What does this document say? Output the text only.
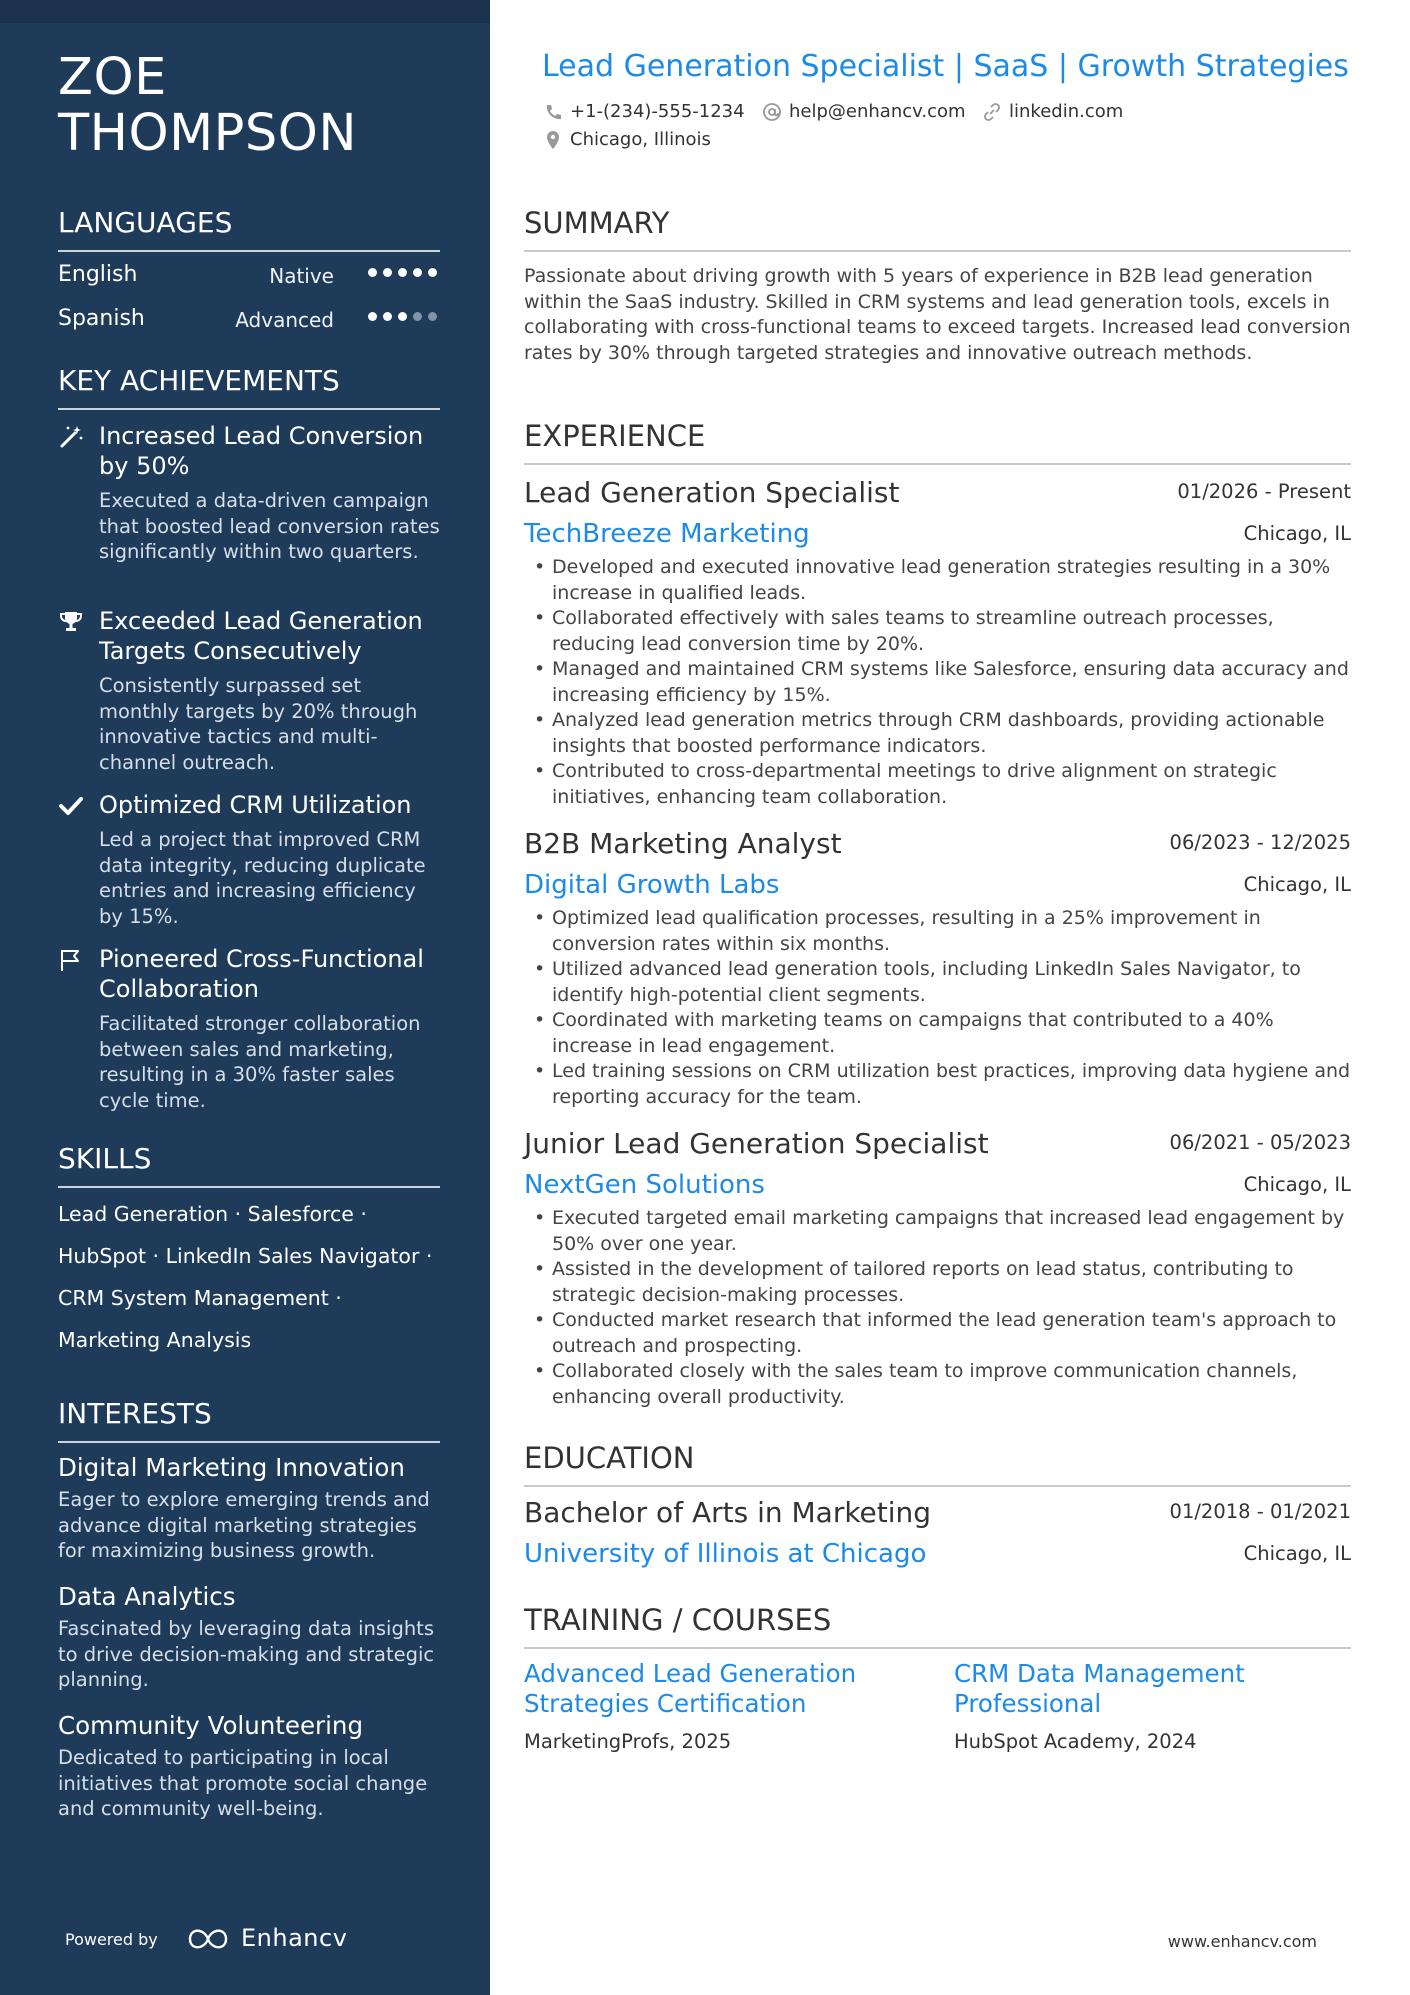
ZOE
THOMPSON
LANGUAGES
English	Native
Spanish	Advanced
KEY ACHIEVEMENTS
Increased Lead Conversion by 50%
Executed a data-driven campaign that boosted lead conversion rates significantly within two quarters.
Exceeded Lead Generation Targets Consecutively
Consistently surpassed set monthly targets by 20% through innovative tactics and multi-channel outreach.
Optimized CRM Utilization
Led a project that improved CRM data integrity, reducing duplicate entries and increasing efficiency by 15%.
Pioneered Cross-Functional Collaboration
Facilitated stronger collaboration between sales and marketing, resulting in a 30% faster sales cycle time.
SKILLS
Lead Generation · Salesforce ·
HubSpot · LinkedIn Sales Navigator ·
CRM System Management ·
Marketing Analysis
INTERESTS
Digital Marketing Innovation
Eager to explore emerging trends and advance digital marketing strategies for maximizing business growth.
Data Analytics
Fascinated by leveraging data insights to drive decision-making and strategic planning.
Community Volunteering
Dedicated to participating in local initiatives that promote social change and community well-being.
Powered by	Enhancv
Lead Generation Specialist | SaaS | Growth Strategies
+1-(234)-555-1234 help@enhancv.com linkedin.com
Chicago, Illinois
SUMMARY
Passionate about driving growth with 5 years of experience in B2B lead generation within the SaaS industry. Skilled in CRM systems and lead generation tools, excels in collaborating with cross-functional teams to exceed targets. Increased lead conversion rates by 30% through targeted strategies and innovative outreach methods.
EXPERIENCE
Lead Generation Specialist	01/2026 - Present
TechBreeze Marketing	Chicago, IL
• Developed and executed innovative lead generation strategies resulting in a 30% increase in qualified leads.
• Collaborated effectively with sales teams to streamline outreach processes, reducing lead conversion time by 20%.
• Managed and maintained CRM systems like Salesforce, ensuring data accuracy and increasing efficiency by 15%.
• Analyzed lead generation metrics through CRM dashboards, providing actionable insights that boosted performance indicators.
• Contributed to cross-departmental meetings to drive alignment on strategic initiatives, enhancing team collaboration.
B2B Marketing Analyst	06/2023 - 12/2025
Digital Growth Labs	Chicago, IL
• Optimized lead qualification processes, resulting in a 25% improvement in conversion rates within six months.
• Utilized advanced lead generation tools, including LinkedIn Sales Navigator, to identify high-potential client segments.
• Coordinated with marketing teams on campaigns that contributed to a 40% increase in lead engagement.
• Led training sessions on CRM utilization best practices, improving data hygiene and reporting accuracy for the team.
Junior Lead Generation Specialist	06/2021 - 05/2023
NextGen Solutions	Chicago, IL
• Executed targeted email marketing campaigns that increased lead engagement by 50% over one year.
• Assisted in the development of tailored reports on lead status, contributing to strategic decision-making processes.
• Conducted market research that informed the lead generation team's approach to outreach and prospecting.
• Collaborated closely with the sales team to improve communication channels, enhancing overall productivity.
EDUCATION
Bachelor of Arts in Marketing	01/2018 - 01/2021
University of Illinois at Chicago	Chicago, IL
TRAINING / COURSES
Advanced Lead Generation Strategies Certification
MarketingProfs, 2025
CRM Data Management Professional
HubSpot Academy, 2024
www.enhancv.com
